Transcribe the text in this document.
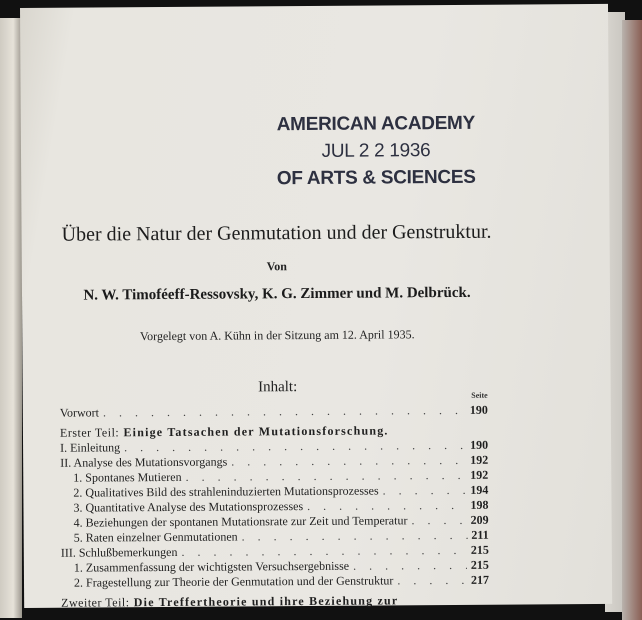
AMERICAN ACADEMY
JUL 2 2 1936
OF ARTS & SCIENCES
Über die Natur der Genmutation und der Genstruktur.
Von
N. W. Timoféeff-Ressovsky, K. G. Zimmer und M. Delbrück.
Vorgelegt von A. Kühn in der Sitzung am 12. April 1935.
Inhalt:	Seite
Vorwort . . .	190
Erster Teil:
Einige Tatsachen der Mutationsforschung.
I. Einleitung . . .	190
II. Analyse des Mutationsvorgangs . . .	192
1. Spontanes Mutieren . . .	192
2. Qualitatives Bild des strahleninduzierten Mutationsprozesses . . .	194
3. Quantitative Analyse des Mutationsprozesses . . .	198
4. Beziehungen der spontanen Mutationsrate zur Zeit und Temperatur . . .	209
5. Raten einzelner Genmutationen . . .	211
III. Schlußbemerkungen . . .	215
1. Zusammenfassung der wichtigsten Versuchsergebnisse . . .	215
2. Fragestellung zur Theorie der Genmutation und der Genstruktur . . .	217
Zweiter Teil:
Die Treffertheorie und ihre Beziehung zur
